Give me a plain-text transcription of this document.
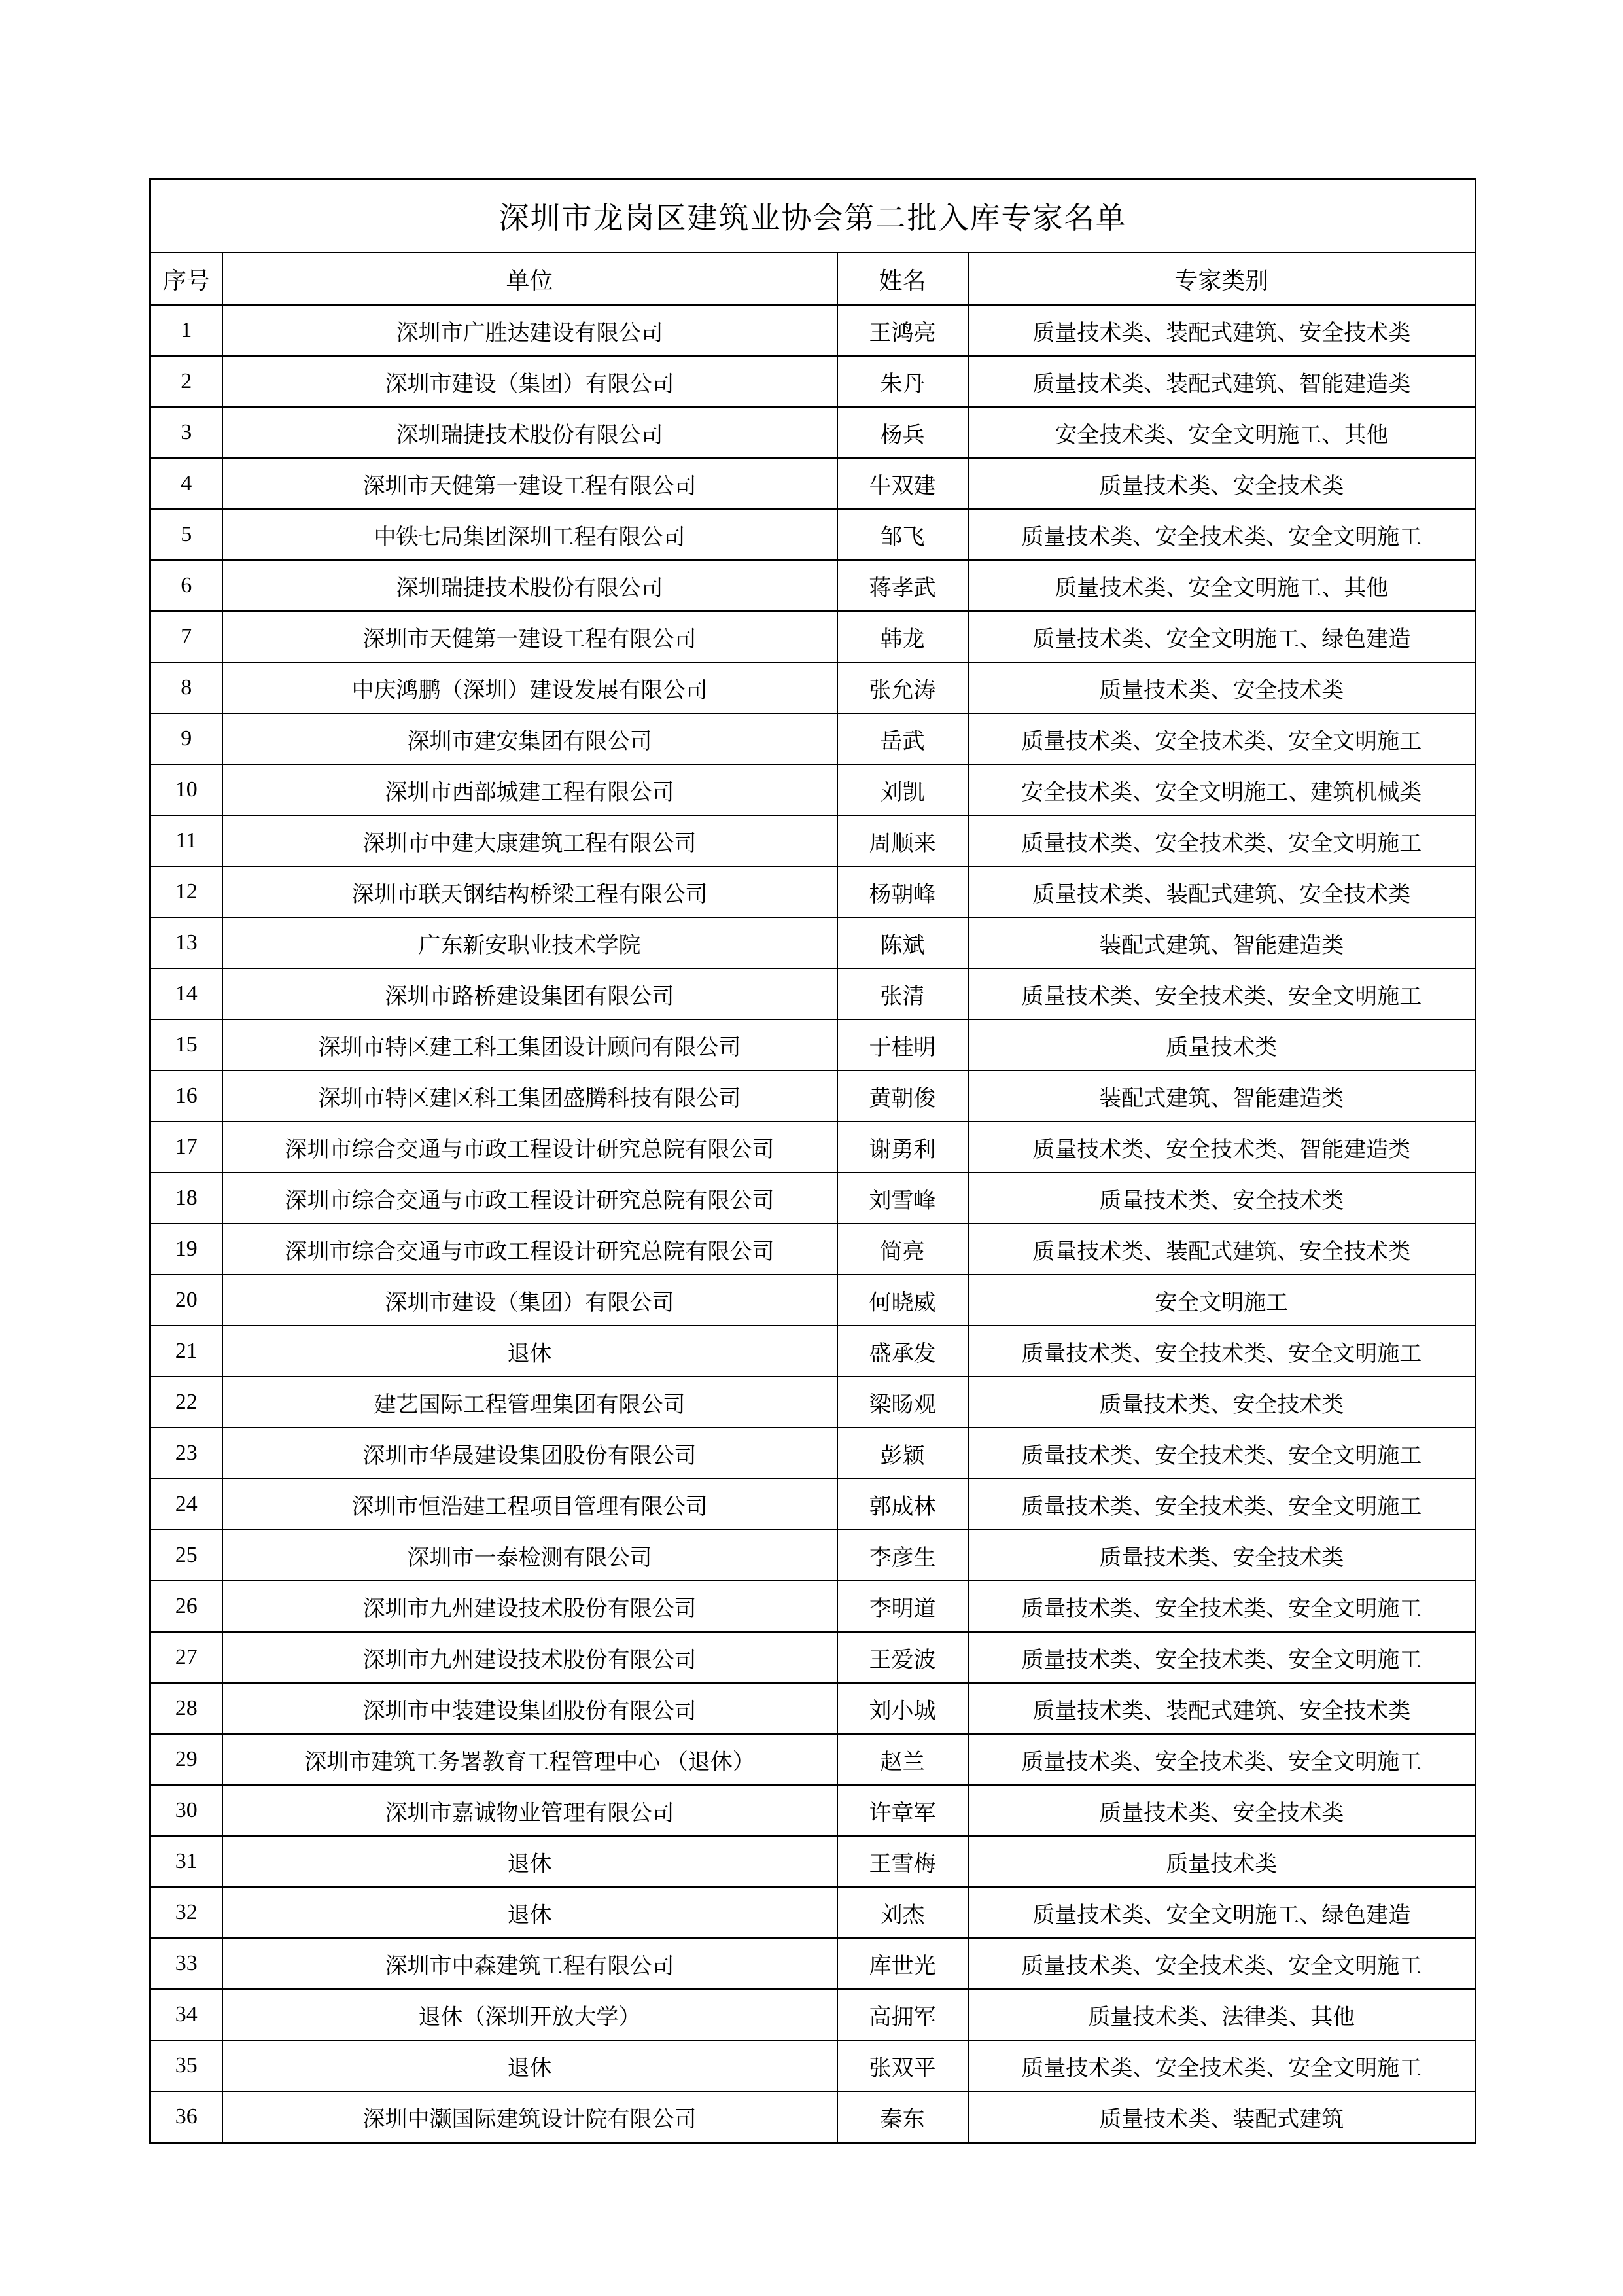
深圳市龙岗区建筑业协会第二批入库专家名单			
序号	单位	姓名	专家类别
1	深圳市广胜达建设有限公司	王鸿亮	质量技术类、装配式建筑、安全技术类
2	深圳市建设（集团）有限公司	朱丹	质量技术类、装配式建筑、智能建造类
3	深圳瑞捷技术股份有限公司	杨兵	安全技术类、安全文明施工、其他
4	深圳市天健第一建设工程有限公司	牛双建	质量技术类、安全技术类
5	中铁七局集团深圳工程有限公司	邹飞	质量技术类、安全技术类、安全文明施工
6	深圳瑞捷技术股份有限公司	蒋孝武	质量技术类、安全文明施工、其他
7	深圳市天健第一建设工程有限公司	韩龙	质量技术类、安全文明施工、绿色建造
8	中庆鸿鹏（深圳）建设发展有限公司	张允涛	质量技术类、安全技术类
9	深圳市建安集团有限公司	岳武	质量技术类、安全技术类、安全文明施工
10	深圳市西部城建工程有限公司	刘凯	安全技术类、安全文明施工、建筑机械类
11	深圳市中建大康建筑工程有限公司	周顺来	质量技术类、安全技术类、安全文明施工
12	深圳市联天钢结构桥梁工程有限公司	杨朝峰	质量技术类、装配式建筑、安全技术类
13	广东新安职业技术学院	陈斌	装配式建筑、智能建造类
14	深圳市路桥建设集团有限公司	张清	质量技术类、安全技术类、安全文明施工
15	深圳市特区建工科工集团设计顾问有限公司	于桂明	质量技术类
16	深圳市特区建区科工集团盛腾科技有限公司	黄朝俊	装配式建筑、智能建造类
17	深圳市综合交通与市政工程设计研究总院有限公司	谢勇利	质量技术类、安全技术类、智能建造类
18	深圳市综合交通与市政工程设计研究总院有限公司	刘雪峰	质量技术类、安全技术类
19	深圳市综合交通与市政工程设计研究总院有限公司	简亮	质量技术类、装配式建筑、安全技术类
20	深圳市建设（集团）有限公司	何晓威	安全文明施工
21	退休	盛承发	质量技术类、安全技术类、安全文明施工
22	建艺国际工程管理集团有限公司	梁旸观	质量技术类、安全技术类
23	深圳市华晟建设集团股份有限公司	彭颖	质量技术类、安全技术类、安全文明施工
24	深圳市恒浩建工程项目管理有限公司	郭成林	质量技术类、安全技术类、安全文明施工
25	深圳市一泰检测有限公司	李彦生	质量技术类、安全技术类
26	深圳市九州建设技术股份有限公司	李明道	质量技术类、安全技术类、安全文明施工
27	深圳市九州建设技术股份有限公司	王爱波	质量技术类、安全技术类、安全文明施工
28	深圳市中装建设集团股份有限公司	刘小城	质量技术类、装配式建筑、安全技术类
29	深圳市建筑工务署教育工程管理中心 （退休）	赵兰	质量技术类、安全技术类、安全文明施工
30	深圳市嘉诚物业管理有限公司	许章军	质量技术类、安全技术类
31	退休	王雪梅	质量技术类
32	退休	刘杰	质量技术类、安全文明施工、绿色建造
33	深圳市中森建筑工程有限公司	库世光	质量技术类、安全技术类、安全文明施工
34	退休（深圳开放大学）	高拥军	质量技术类、法律类、其他
35	退休	张双平	质量技术类、安全技术类、安全文明施工
36	深圳中灏国际建筑设计院有限公司	秦东	质量技术类、装配式建筑
